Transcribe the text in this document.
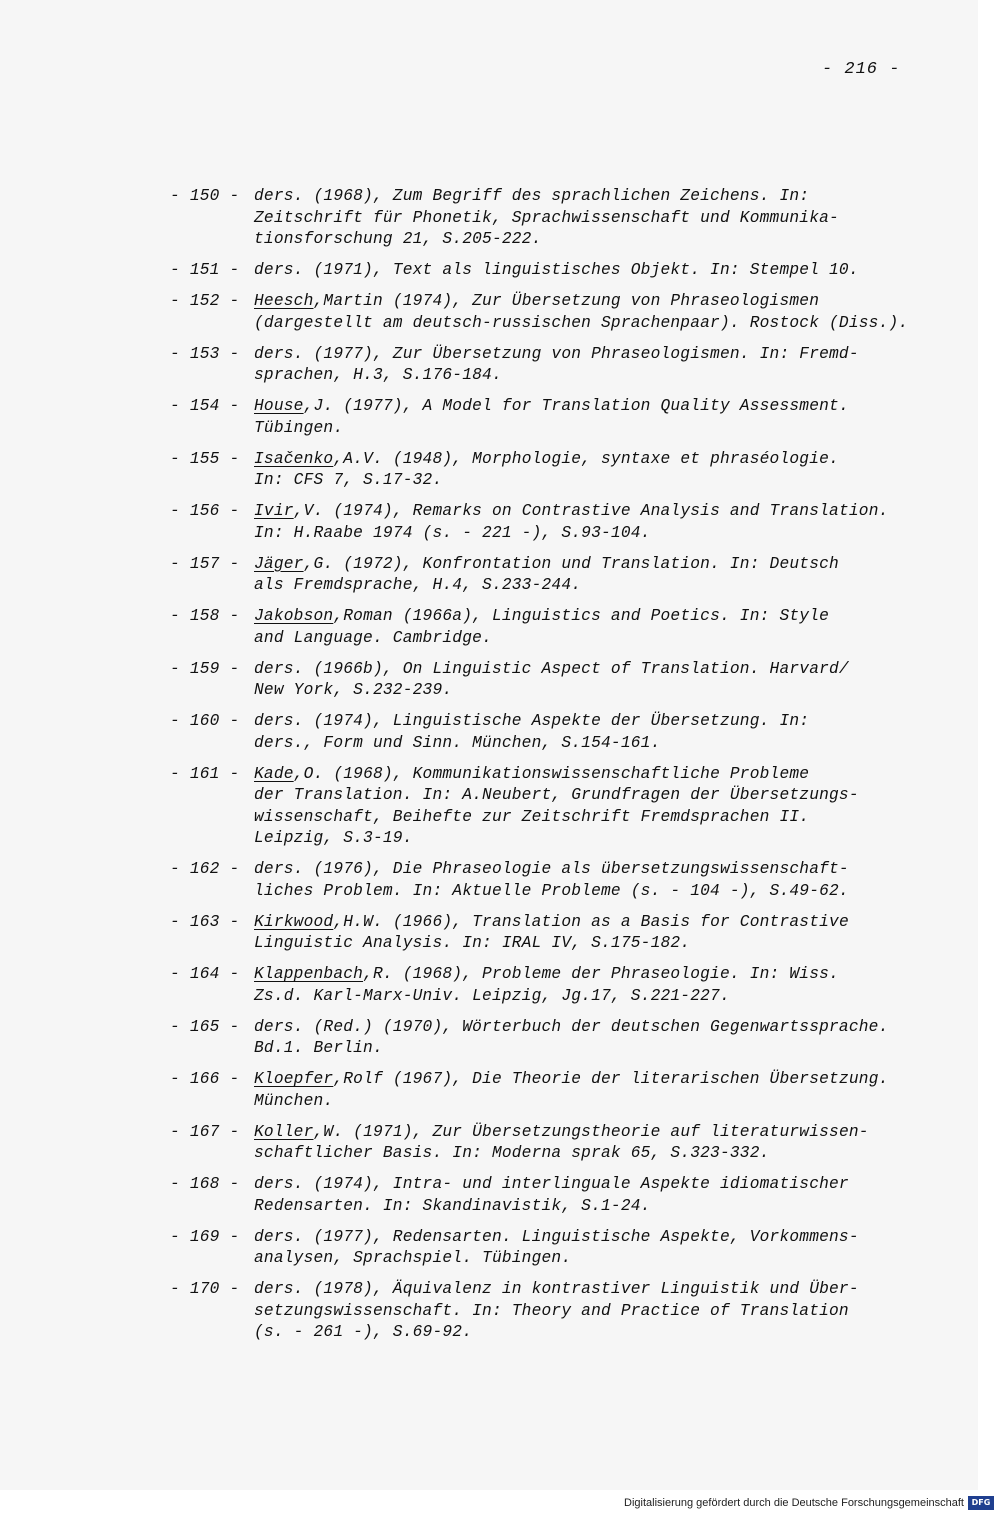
- 216 -
- 150 - ders. (1968), Zum Begriff des sprachlichen Zeichens. In:
Zeitschrift für Phonetik, Sprachwissenschaft und Kommunika-
tionsforschung 21, S.205-222.
- 151 - ders. (1971), Text als linguistisches Objekt. In: Stempel 10.
- 152 - Heesch,Martin (1974), Zur Übersetzung von Phraseologismen
(dargestellt am deutsch-russischen Sprachenpaar). Rostock (Diss.).
- 153 - ders. (1977), Zur Übersetzung von Phraseologismen. In: Fremd-
sprachen, H.3, S.176-184.
- 154 - House,J. (1977), A Model for Translation Quality Assessment.
Tübingen.
- 155 - Isačenko,A.V. (1948), Morphologie, syntaxe et phraséologie.
In: CFS 7, S.17-32.
- 156 - Ivir,V. (1974), Remarks on Contrastive Analysis and Translation.
In: H.Raabe 1974 (s. - 221 -), S.93-104.
- 157 - Jäger,G. (1972), Konfrontation und Translation. In: Deutsch
als Fremdsprache, H.4, S.233-244.
- 158 - Jakobson,Roman (1966a), Linguistics and Poetics. In: Style
and Language. Cambridge.
- 159 - ders. (1966b), On Linguistic Aspect of Translation. Harvard/
New York, S.232-239.
- 160 - ders. (1974), Linguistische Aspekte der Übersetzung. In:
ders., Form und Sinn. München, S.154-161.
- 161 - Kade,O. (1968), Kommunikationswissenschaftliche Probleme
der Translation. In: A.Neubert, Grundfragen der Übersetzungs-
wissenschaft, Beihefte zur Zeitschrift Fremdsprachen II.
Leipzig, S.3-19.
- 162 - ders. (1976), Die Phraseologie als übersetzungswissenschaft-
liches Problem. In: Aktuelle Probleme (s. - 104 -), S.49-62.
- 163 - Kirkwood,H.W. (1966), Translation as a Basis for Contrastive
Linguistic Analysis. In: IRAL IV, S.175-182.
- 164 - Klappenbach,R. (1968), Probleme der Phraseologie. In: Wiss.
Zs.d. Karl-Marx-Univ. Leipzig, Jg.17, S.221-227.
- 165 - ders. (Red.) (1970), Wörterbuch der deutschen Gegenwartssprache.
Bd.1. Berlin.
- 166 - Kloepfer,Rolf (1967), Die Theorie der literarischen Übersetzung.
München.
- 167 - Koller,W. (1971), Zur Übersetzungstheorie auf literaturwissen-
schaftlicher Basis. In: Moderna sprak 65, S.323-332.
- 168 - ders. (1974), Intra- und interlinguale Aspekte idiomatischer
Redensarten. In: Skandinavistik, S.1-24.
- 169 - ders. (1977), Redensarten. Linguistische Aspekte, Vorkommens-
analysen, Sprachspiel. Tübingen.
- 170 - ders. (1978), Äquivalenz in kontrastiver Linguistik und Über-
setzungswissenschaft. In: Theory and Practice of Translation
(s. - 261 -), S.69-92.
Digitalisierung gefördert durch die Deutsche Forschungsgemeinschaft DFG
